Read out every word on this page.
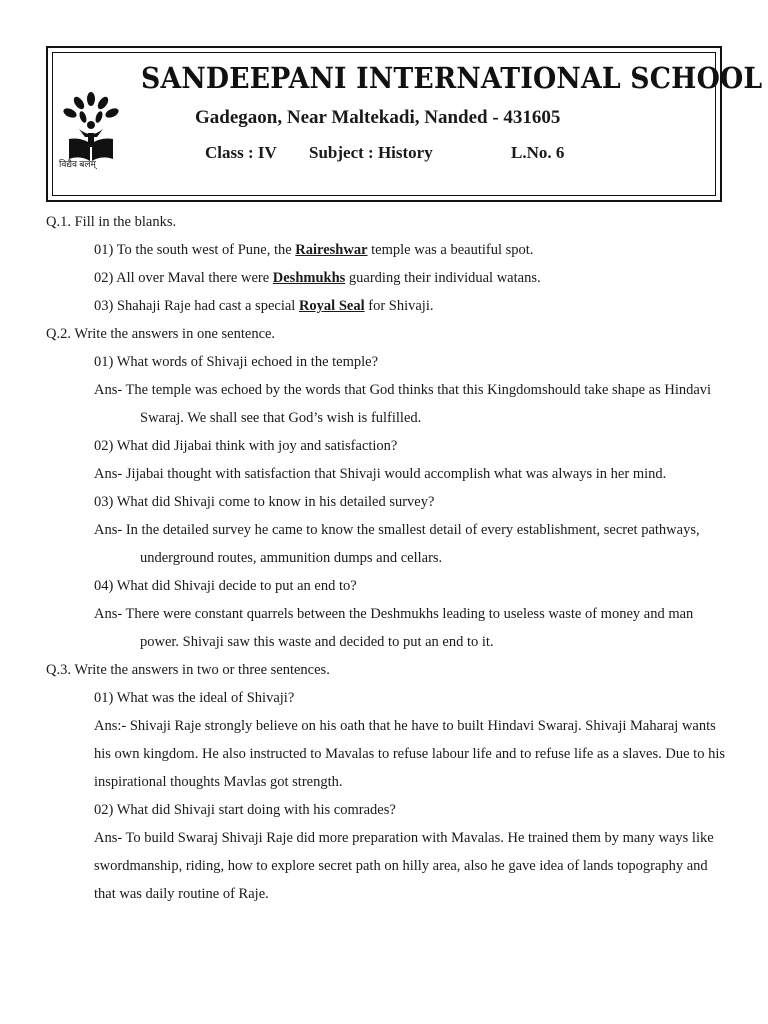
विद्यैव बलम्
SANDEEPANI INTERNATIONAL SCHOOL
Gadegaon, Near Maltekadi, Nanded - 431605
Class : IV Subject : History	L.No. 6
Q.1. Fill in the blanks.
01) To the south west of Pune, the Raireshwar temple was a beautiful spot.
02) All over Maval there were Deshmukhs guarding their individual watans.
03) Shahaji Raje had cast a special Royal Seal for Shivaji.
Q.2. Write the answers in one sentence.
01) What words of Shivaji echoed in the temple?
Ans- The temple was echoed by the words that God thinks that this Kingdomshould take shape as Hindavi
Swaraj. We shall see that God’s wish is fulfilled.
02) What did Jijabai think with joy and satisfaction?
Ans- Jijabai thought with satisfaction that Shivaji would accomplish what was always in her mind.
03) What did Shivaji come to know in his detailed survey?
Ans- In the detailed survey he came to know the smallest detail of every establishment, secret pathways,
underground routes, ammunition dumps and cellars.
04) What did Shivaji decide to put an end to?
Ans- There were constant quarrels between the Deshmukhs leading to useless waste of money and man
power. Shivaji saw this waste and decided to put an end to it.
Q.3. Write the answers in two or three sentences.
01) What was the ideal of Shivaji?
Ans:- Shivaji Raje strongly believe on his oath that he have to built Hindavi Swaraj. Shivaji Maharaj wants
his own kingdom. He also instructed to Mavalas to refuse labour life and to refuse life as a slaves. Due to his
inspirational thoughts Mavlas got strength.
02) What did Shivaji start doing with his comrades?
Ans- To build Swaraj Shivaji Raje did more preparation with Mavalas. He trained them by many ways like
swordmanship, riding, how to explore secret path on hilly area, also he gave idea of lands topography and
that was daily routine of Raje.
